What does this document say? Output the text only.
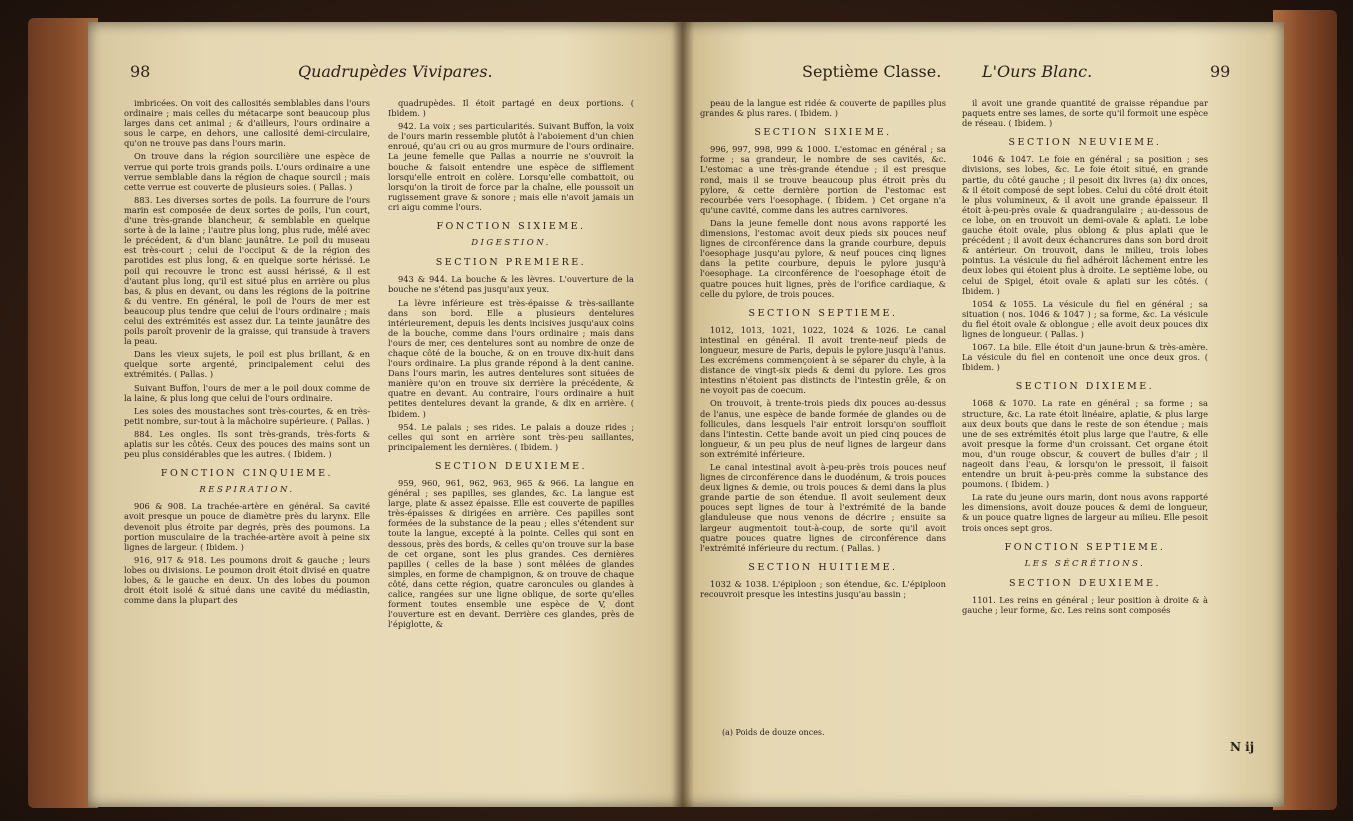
98	Quadrupèdes Vivipares.

imbricées. On voit des callosités semblables dans l'ours ordinaire ; mais celles du métacarpe sont beaucoup plus larges dans cet animal ; & d'ailleurs, l'ours ordinaire a sous le carpe, en dehors, une callosité demi-circulaire, qu'on ne trouve pas dans l'ours marin.

On trouve dans la région sourcilière une espèce de verrue qui porte trois grands poils. L'ours ordinaire a une verrue semblable dans la région de chaque sourcil ; mais cette verrue est couverte de plusieurs soies. ( Pallas. )

883. Les diverses sortes de poils. La fourrure de l'ours marin est composée de deux sortes de poils, l'un court, d'une très-grande blancheur, & semblable en quelque sorte à de la laine ; l'autre plus long, plus rude, mêlé avec le précédent, & d'un blanc jaunâtre. Le poil du museau est très-court ; celui de l'occiput & de la région des parotides est plus long, & en quelque sorte hérissé. Le poil qui recouvre le tronc est aussi hérissé, & il est d'autant plus long, qu'il est situé plus en arrière ou plus bas, & plus en devant, ou dans les régions de la poitrine & du ventre. En général, le poil de l'ours de mer est beaucoup plus tendre que celui de l'ours ordinaire ; mais celui des extrémités est assez dur. La teinte jaunâtre des poils paroît provenir de la graisse, qui transude à travers la peau.

Dans les vieux sujets, le poil est plus brillant, & en quelque sorte argenté, principalement celui des extrémités. ( Pallas. )

Suivant Buffon, l'ours de mer a le poil doux comme de la laine, & plus long que celui de l'ours ordinaire.

Les soies des moustaches sont très-courtes, & en très-petit nombre, sur-tout à la mâchoire supérieure. ( Pallas. )

884. Les ongles. Ils sont très-grands, très-forts & aplatis sur les côtés. Ceux des pouces des mains sont un peu plus considérables que les autres. ( Ibidem. )

FONCTION CINQUIEME.
RESPIRATION.

906 & 908. La trachée-artère en général. Sa cavité avoit presque un pouce de diamètre près du larynx. Elle devenoit plus étroite par degrés, près des poumons. La portion musculaire de la trachée-artère avoit à peine six lignes de largeur. ( Ibidem. )

916, 917 & 918. Les poumons droit & gauche ; leurs lobes ou divisions. Le poumon droit étoit divisé en quatre lobes, & le gauche en deux. Un des lobes du poumon droit étoit isolé & situé dans une cavité du médiastin, comme dans la plupart des

quadrupèdes. Il étoit partagé en deux portions. ( Ibidem. )

942. La voix ; ses particularités. Suivant Buffon, la voix de l'ours marin ressemble plutôt à l'aboiement d'un chien enroué, qu'au cri ou au gros murmure de l'ours ordinaire. La jeune femelle que Pallas a nourrie ne s'ouvroit la bouche & faisoit entendre une espèce de sifflement lorsqu'elle entroit en colère. Lorsqu'elle combattoit, ou lorsqu'on la tiroit de force par la chaîne, elle poussoit un rugissement grave & sonore ; mais elle n'avoit jamais un cri aigu comme l'ours.

FONCTION SIXIEME.
DIGESTION.
SECTION PREMIERE.

943 & 944. La bouche & les lèvres. L'ouverture de la bouche ne s'étend pas jusqu'aux yeux.

La lèvre inférieure est très-épaisse & très-saillante dans son bord. Elle a plusieurs dentelures intérieurement, depuis les dents incisives jusqu'aux coins de la bouche, comme dans l'ours ordinaire ; mais dans l'ours de mer, ces dentelures sont au nombre de onze de chaque côté de la bouche, & on en trouve dix-huit dans l'ours ordinaire. La plus grande répond à la dent canine. Dans l'ours marin, les autres dentelures sont situées de manière qu'on en trouve six derrière la précédente, & quatre en devant. Au contraire, l'ours ordinaire a huit petites dentelures devant la grande, & dix en arrière. ( Ibidem. )

954. Le palais ; ses rides. Le palais a douze rides ; celles qui sont en arrière sont très-peu saillantes, principalement les dernières. ( Ibidem. )

SECTION DEUXIEME.

959, 960, 961, 962, 963, 965 & 966. La langue en général ; ses papilles, ses glandes, &c. La langue est large, plate & assez épaisse. Elle est couverte de papilles très-épaisses & dirigées en arrière. Ces papilles sont formées de la substance de la peau ; elles s'étendent sur toute la langue, excepté à la pointe. Celles qui sont en dessous, près des bords, & celles qu'on trouve sur la base de cet organe, sont les plus grandes. Ces dernières papilles ( celles de la base ) sont mêlées de glandes simples, en forme de champignon, & on trouve de chaque côté, dans cette région, quatre caroncules ou glandes à calice, rangées sur une ligne oblique, de sorte qu'elles forment toutes ensemble une espèce de V, dont l'ouverture est en devant. Derrière ces glandes, près de l'épiglotte, &

Septième Classe.	L'Ours Blanc.	99

peau de la langue est ridée & couverte de papilles plus grandes & plus rares. ( Ibidem. )

SECTION SIXIEME.

996, 997, 998, 999 & 1000. L'estomac en général ; sa forme ; sa grandeur, le nombre de ses cavités, &c. L'estomac a une très-grande étendue ; il est presque rond, mais il se trouve beaucoup plus étroit près du pylore, & cette dernière portion de l'estomac est recourbée vers l'oesophage. ( Ibidem. ) Cet organe n'a qu'une cavité, comme dans les autres carnivores.

Dans la jeune femelle dont nous avons rapporté les dimensions, l'estomac avoit deux pieds six pouces neuf lignes de circonférence dans la grande courbure, depuis l'oesophage jusqu'au pylore, & neuf pouces cinq lignes dans la petite courbure, depuis le pylore jusqu'à l'oesophage. La circonférence de l'oesophage étoit de quatre pouces huit lignes, près de l'orifice cardiaque, & celle du pylore, de trois pouces.

SECTION SEPTIEME.

1012, 1013, 1021, 1022, 1024 & 1026. Le canal intestinal en général. Il avoit trente-neuf pieds de longueur, mesure de Paris, depuis le pylore jusqu'à l'anus. Les excrémens commençoient à se séparer du chyle, à la distance de vingt-six pieds & demi du pylore. Les gros intestins n'étoient pas distincts de l'intestin grêle, & on ne voyoit pas de coecum.

On trouvoit, à trente-trois pieds dix pouces au-dessus de l'anus, une espèce de bande formée de glandes ou de follicules, dans lesquels l'air entroit lorsqu'on souffloit dans l'intestin. Cette bande avoit un pied cinq pouces de longueur, & un peu plus de neuf lignes de largeur dans son extrémité inférieure.

Le canal intestinal avoit à-peu-près trois pouces neuf lignes de circonférence dans le duodénum, & trois pouces deux lignes & demie, ou trois pouces & demi dans la plus grande partie de son étendue. Il avoit seulement deux pouces sept lignes de tour à l'extrémité de la bande glanduleuse que nous venons de décrire ; ensuite sa largeur augmentoit tout-à-coup, de sorte qu'il avoit quatre pouces quatre lignes de circonférence dans l'extrémité inférieure du rectum. ( Pallas. )

SECTION HUITIEME.

1032 & 1038. L'épiploon ; son étendue, &c. L'épiploon recouvroit presque les intestins jusqu'au bassin ;

il avoit une grande quantité de graisse répandue par paquets entre ses lames, de sorte qu'il formoit une espèce de réseau. ( Ibidem. )

SECTION NEUVIEME.

1046 & 1047. Le foie en général ; sa position ; ses divisions, ses lobes, &c. Le foie étoit situé, en grande partie, du côté gauche ; il pesoit dix livres (a) dix onces, & il étoit composé de sept lobes. Celui du côté droit étoit le plus volumineux, & il avoit une grande épaisseur. Il étoit à-peu-près ovale & quadrangulaire ; au-dessous de ce lobe, on en trouvoit un demi-ovale & aplati. Le lobe gauche étoit ovale, plus oblong & plus aplati que le précédent ; il avoit deux échancrures dans son bord droit & antérieur. On trouvoit, dans le milieu, trois lobes pointus. La vésicule du fiel adhéroit lâchement entre les deux lobes qui étoient plus à droite. Le septième lobe, ou celui de Spigel, étoit ovale & aplati sur les côtés. ( Ibidem. )

1054 & 1055. La vésicule du fiel en général ; sa situation ( nos. 1046 & 1047 ) ; sa forme, &c. La vésicule du fiel étoit ovale & oblongue ; elle avoit deux pouces dix lignes de longueur. ( Pallas. )

1067. La bile. Elle étoit d'un jaune-brun & très-amère. La vésicule du fiel en contenoit une once deux gros. ( Ibidem. )

SECTION DIXIEME.

1068 & 1070. La rate en général ; sa forme ; sa structure, &c. La rate étoit linéaire, aplatie, & plus large aux deux bouts que dans le reste de son étendue ; mais une de ses extrémités étoit plus large que l'autre, & elle avoit presque la forme d'un croissant. Cet organe étoit mou, d'un rouge obscur, & couvert de bulles d'air ; il nageoit dans l'eau, & lorsqu'on le pressoit, il faisoit entendre un bruit à-peu-près comme la substance des poumons. ( Ibidem. )

La rate du jeune ours marin, dont nous avons rapporté les dimensions, avoit douze pouces & demi de longueur, & un pouce quatre lignes de largeur au milieu. Elle pesoit trois onces sept gros.

FONCTION SEPTIEME.
LES SÉCRÉTIONS.
SECTION DEUXIEME.

1101. Les reins en général ; leur position à droite & à gauche ; leur forme, &c. Les reins sont composés

(a) Poids de douze onces.
N ij
